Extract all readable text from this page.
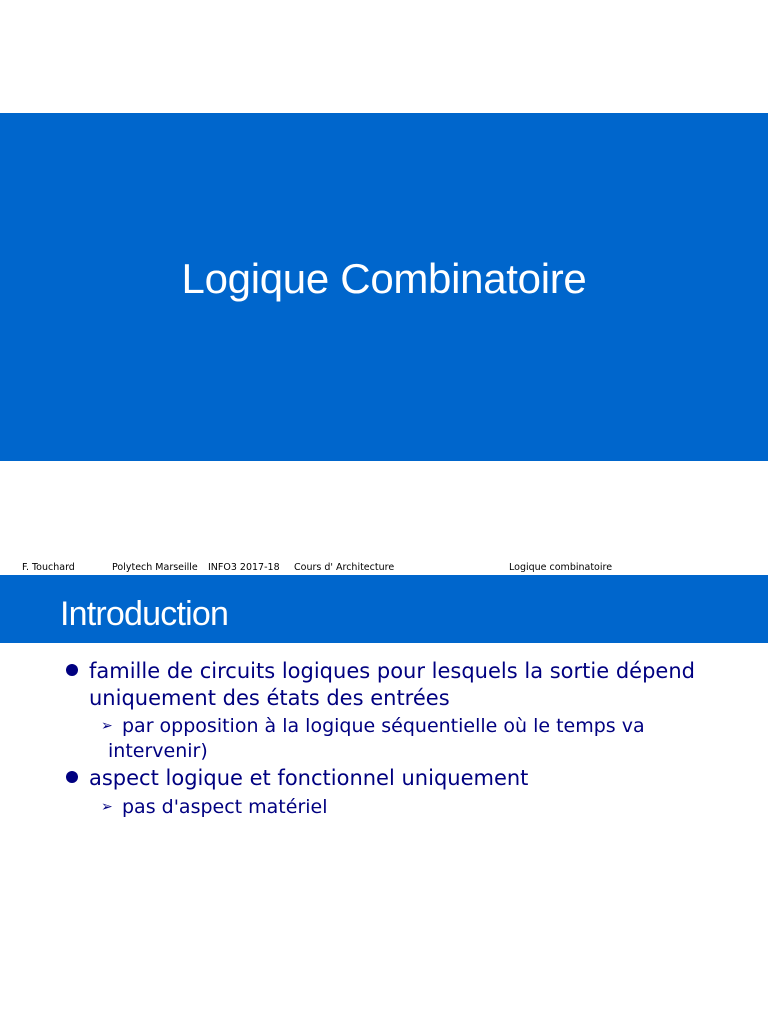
Logique Combinatoire
F. Touchard	Polytech Marseille INFO3 2017-18 Cours d' Architecture	Logique combinatoire
Introduction
famille de circuits logiques pour lesquels la sortie dépend
uniquement des états des entrées
➢ par opposition à la logique séquentielle où le temps va
intervenir)
aspect logique et fonctionnel uniquement
➢ pas d'aspect matériel
